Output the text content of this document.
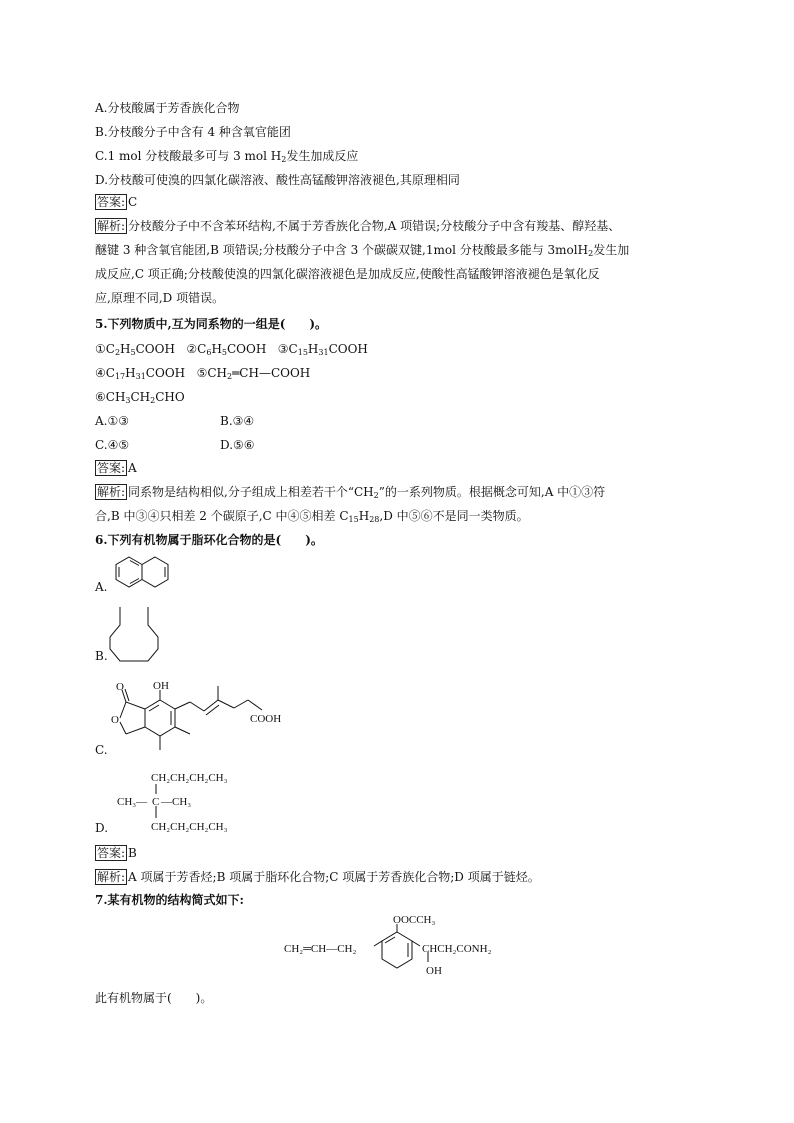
A.分枝酸属于芳香族化合物
B.分枝酸分子中含有 4 种含氧官能团
C.1 mol 分枝酸最多可与 3 mol $H_2$发生加成反应
D.分枝酸可使溴的四氯化碳溶液、酸性高锰酸钾溶液褪色,其原理相同
答案: C
解析: 分枝酸分子中不含苯环结构,不属于芳香族化合物,A 项错误;分枝酸分子中含有羧基、醇羟基、
醚键 3 种含氧官能团,B 项错误;分枝酸分子中含 3 个碳碳双键,1mol 分枝酸最多能与 3molH$_2$发生加
成反应,C 项正确;分枝酸使溴的四氯化碳溶液褪色是加成反应,使酸性高锰酸钾溶液褪色是氧化反
应,原理不同,D 项错误。
5.下列物质中,互为同系物的一组是(　　)。
$①C_2H_5COOH$ $②C_6H_5COOH$ $③C_{15}H_{31}COOH$
$④C_{17}H_{31}COOH$ $⑤CH_2═CH—COOH$
$⑥CH_3CH_2CHO$
A.①③	B.③④
C.④⑤	D.⑤⑥
答案: A
解析: 同系物是结构相似,分子组成上相差若干个“$CH_2$”的一系列物质。根据概念可知,A 中①③符
合,B 中③④只相差 2 个碳原子,C 中④⑤相差 $C_{15}H_{28},D$ 中⑤⑥不是同一类物质。
6.下列有机物属于脂环化合物的是(　　)。
A.
B.
O
O
OH
COOH
C.
CH₂CH₂CH₂CH₃
CH₃— C —CH₃
CH₂CH₂CH₂CH₃
D.
答案: B
解析: A 项属于芳香烃;B 项属于脂环化合物;C 项属于芳香族化合物;D 项属于链烃。
7.某有机物的结构简式如下:
OOCCH₃
CH₂═CH—CH₂	CHCH₂CONH₂
OH
此有机物属于(　　)。
